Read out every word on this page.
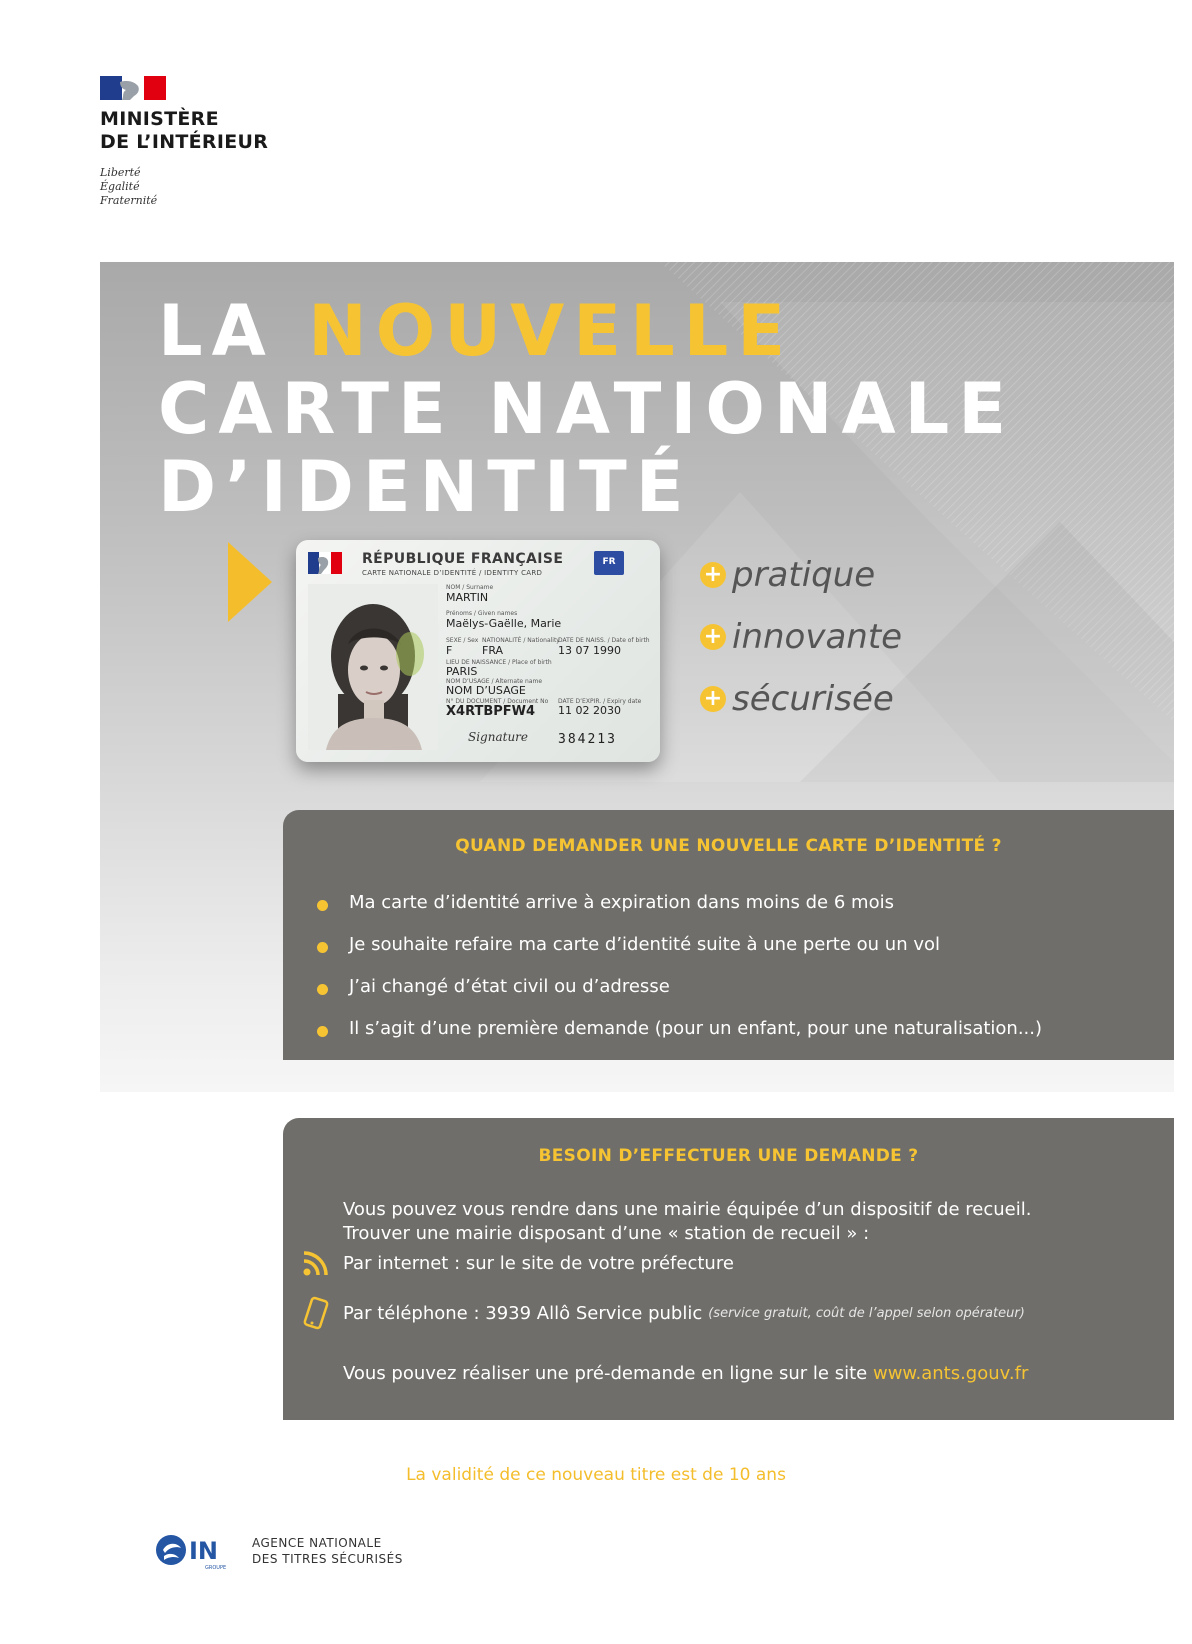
MINISTÈRE
DE L’INTÉRIEUR
Liberté
Égalité
Fraternité
LA NOUVELLE
CARTE NATIONALE
D’IDENTITÉ
RÉPUBLIQUE FRANÇAISE
CARTE NATIONALE D’IDENTITÉ / IDENTITY CARD
FR
NOM / Surname
MARTIN
Prénoms / Given names
Maëlys-Gaëlle, Marie
SEXE / Sex
F
NATIONALITÉ / Nationality
FRA
DATE DE NAISS. / Date of birth
13 07 1990
LIEU DE NAISSANCE / Place of birth
PARIS
NOM D’USAGE / Alternate name
NOM D’USAGE
N° DU DOCUMENT / Document No
X4RTBPFW4
DATE D’EXPIR. / Expiry date
11 02 2030
Signature 384213
+ pratique
+ innovante
+ sécurisée
QUAND DEMANDER UNE NOUVELLE CARTE D’IDENTITÉ ?
Ma carte d’identité arrive à expiration dans moins de 6 mois
Je souhaite refaire ma carte d’identité suite à une perte ou un vol
J’ai changé d’état civil ou d’adresse
Il s’agit d’une première demande (pour un enfant, pour une naturalisation...)
BESOIN D’EFFECTUER UNE DEMANDE ?
Vous pouvez vous rendre dans une mairie équipée d’un dispositif de recueil.
Trouver une mairie disposant d’une « station de recueil » :
Par internet : sur le site de votre préfecture
Par téléphone : 3939 Allô Service public (service gratuit, coût de l’appel selon opérateur)
Vous pouvez réaliser une pré-demande en ligne sur le site www.ants.gouv.fr
La validité de ce nouveau titre est de 10 ans
IN
GROUPE
AGENCE NATIONALE
DES TITRES SÉCURISÉS
